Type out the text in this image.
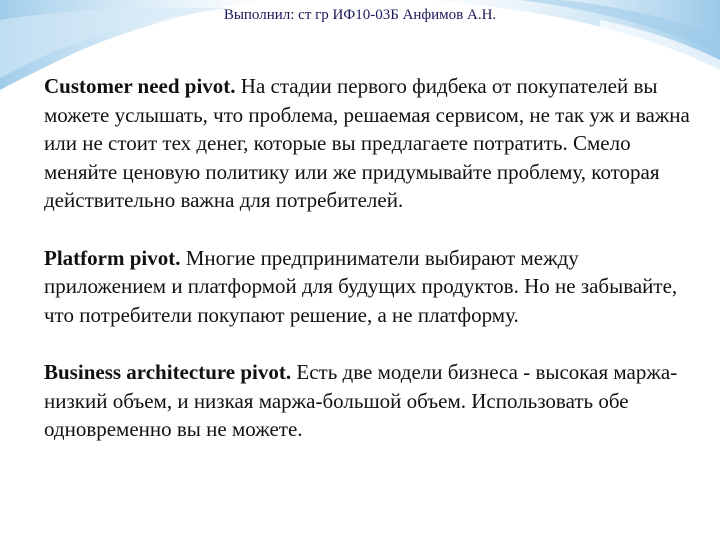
Выполнил: ст гр ИФ10-03Б Анфимов А.Н.

Customer need pivot. На стадии первого фидбека от покупателей вы можете услышать, что проблема, решаемая сервисом, не так уж и важна или не стоит тех денег, которые вы предлагаете потратить. Смело меняйте ценовую политику или же придумывайте проблему, которая действительно важна для потребителей.

Platform pivot. Многие предприниматели выбирают между приложением и платформой для будущих продуктов. Но не забывайте, что потребители покупают решение, а не платформу.

Business architecture pivot. Есть две модели бизнеса - высокая маржа-низкий объем, и низкая маржа-большой объем. Использовать обе одновременно вы не можете.
